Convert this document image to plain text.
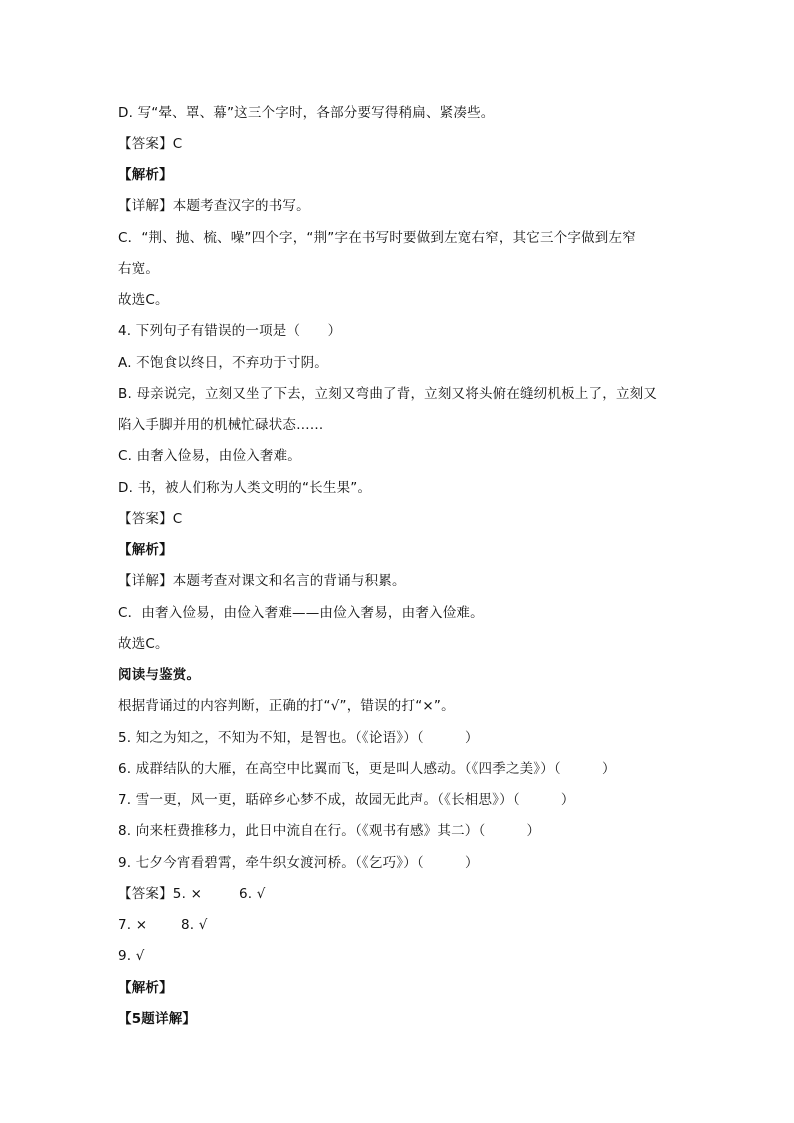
D. 写“晕、罩、幕”这三个字时，各部分要写得稍扁、紧凑些。
【答案】C
【解析】
【详解】本题考查汉字的书写。
C．“荆、抛、梳、噪”四个字，“荆”字在书写时要做到左宽右窄，其它三个字做到左窄
右宽。
故选C。
4. 下列句子有错误的一项是（　　）
A. 不饱食以终日，不弃功于寸阴。
B. 母亲说完，立刻又坐了下去，立刻又弯曲了背，立刻又将头俯在缝纫机板上了，立刻又
陷入手脚并用的机械忙碌状态……
C. 由奢入俭易，由俭入奢难。
D. 书，被人们称为人类文明的“长生果”。
【答案】C
【解析】
【详解】本题考查对课文和名言的背诵与积累。
C．由奢入俭易，由俭入奢难——由俭入奢易，由奢入俭难。
故选C。
阅读与鉴赏。
根据背诵过的内容判断，正确的打“√”，错误的打“×”。
5. 知之为知之，不知为不知，是智也。（《论语》）（　　　）
6. 成群结队的大雁，在高空中比翼而飞，更是叫人感动。（《四季之美》）（　　　）
7. 雪一更，风一更，聒碎乡心梦不成，故园无此声。（《长相思》）（　　　）
8. 向来枉费推移力，此日中流自在行。（《观书有感》其二）（　　　）
9. 七夕今宵看碧霄，牵牛织女渡河桥。（《乞巧》）（　　　）
【答案】5. ×	6. √
7. × 8. √
9. √
【解析】
【5题详解】
